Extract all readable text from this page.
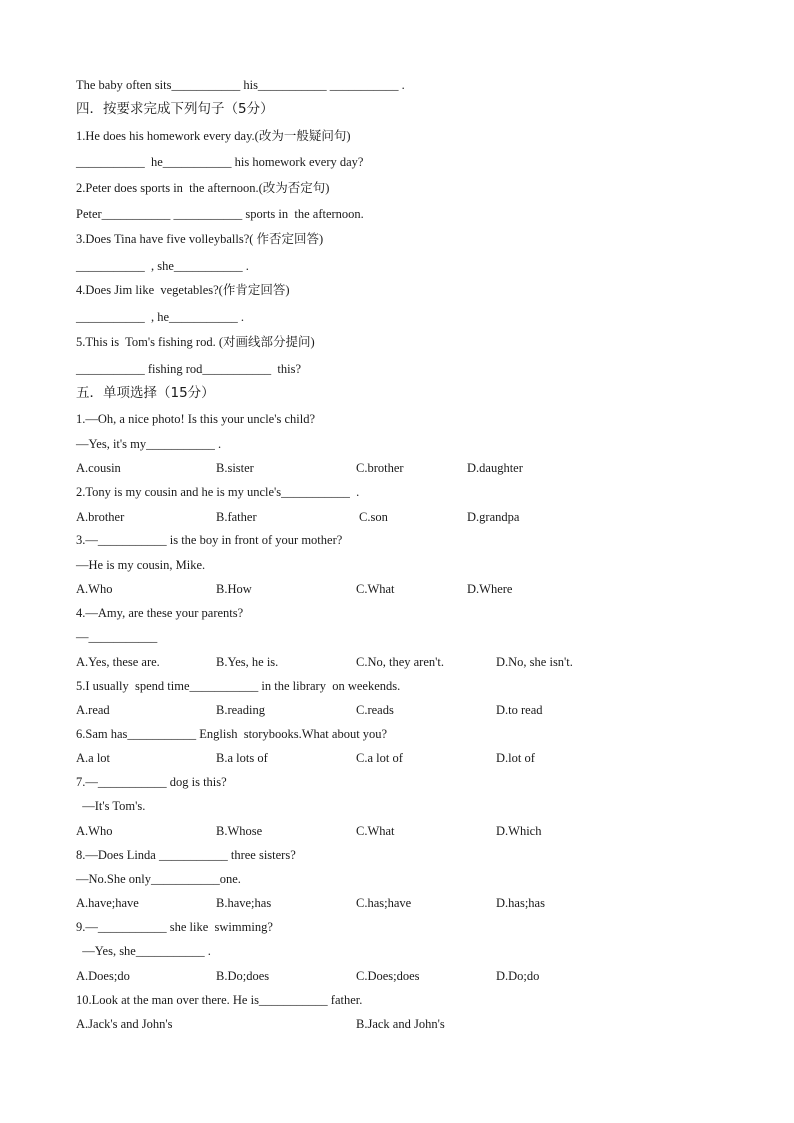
The baby often sits___________ his___________ ___________ .
四．按要求完成下列句子（5分）
1.He does his homework every day.(改为一般疑问句)
___________  he___________ his homework every day?
2.Peter does sports in  the afternoon.(改为否定句)
Peter___________ ___________ sports in  the afternoon.
3.Does Tina have five volleyballs?( 作否定回答)
___________  , she___________ .
4.Does Jim like  vegetables?(作肯定回答)
___________  , he___________ .
5.This is  Tom's fishing rod. (对画线部分提问)
___________ fishing rod___________  this?
五．单项选择（15分）
1.—Oh, a nice photo! Is this your uncle's child?
—Yes, it's my___________ .
A.cousin	B.sister	C.brother	D.daughter
2.Tony is my cousin and he is my uncle's___________  .
A.brother	B.father	C.son	D.grandpa
3.—___________ is the boy in front of your mother?
—He is my cousin, Mike.
A.Who	B.How	C.What	D.Where
4.—Amy, are these your parents?
—___________
A.Yes, these are.	B.Yes, he is.	C.No, they aren't.	D.No, she isn't.
5.I usually  spend time___________ in the library  on weekends.
A.read	B.reading	C.reads	D.to read
6.Sam has___________ English  storybooks.What about you?
A.a lot	B.a lots of	C.a lot of	D.lot of
7.—___________ dog is this?
—It's Tom's.
A.Who	B.Whose	C.What	D.Which
8.—Does Linda ___________ three sisters?
—No.She only___________one.
A.have;have	B.have;has	C.has;have	D.has;has
9.—___________ she like  swimming?
—Yes, she___________ .
A.Does;do	B.Do;does	C.Does;does	D.Do;do
10.Look at the man over there. He is___________ father.
A.Jack's and John's	B.Jack and John's
